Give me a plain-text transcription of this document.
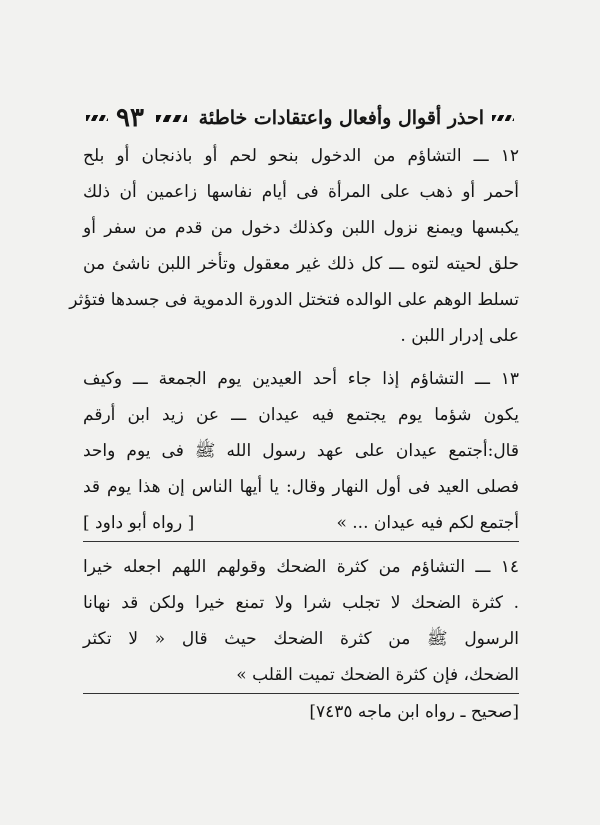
احذر أقوال وأفعال واعتقادات خاطئة
٩٣
١٢ ـــ التشاؤم من الدخول بنحو لحم أو باذنجان أو بلح
أحمر أو ذهب على المرأة فى أيام نفاسها زاعمين أن ذلك
يكبسها ويمنع نزول اللبن وكذلك دخول من قدم من سفر أو
حلق لحيته لتوه ـــ كل ذلك غير معقول وتأخر اللبن ناشئ من
تسلط الوهم على الوالده فتختل الدورة الدموية فى جسدها فتؤثر
على إدرار اللبن .
١٣ ـــ التشاؤم إذا جاء أحد العيدين يوم الجمعة ـــ وكيف
يكون شؤما يوم يجتمع فيه عيدان ـــ عن زيد ابن أرقم
قال:أجتمع عيدان على عهد رسول الله ﷺ فى يوم واحد
فصلى العيد فى أول النهار وقال: يا أيها الناس إن هذا يوم قد
أجتمع لكم فيه عيدان ... »
[ رواه أبو داود ]
١٤ ـــ التشاؤم من كثرة الضحك وقولهم اللهم اجعله خيرا
. كثرة الضحك لا تجلب شرا ولا تمنع خيرا ولكن قد نهانا
الرسول ﷺ من كثرة الضحك حيث قال « لا تكثر
الضحك، فإن كثرة الضحك تميت القلب »
[صحيح ـ رواه ابن ماجه ٧٤٣٥]
